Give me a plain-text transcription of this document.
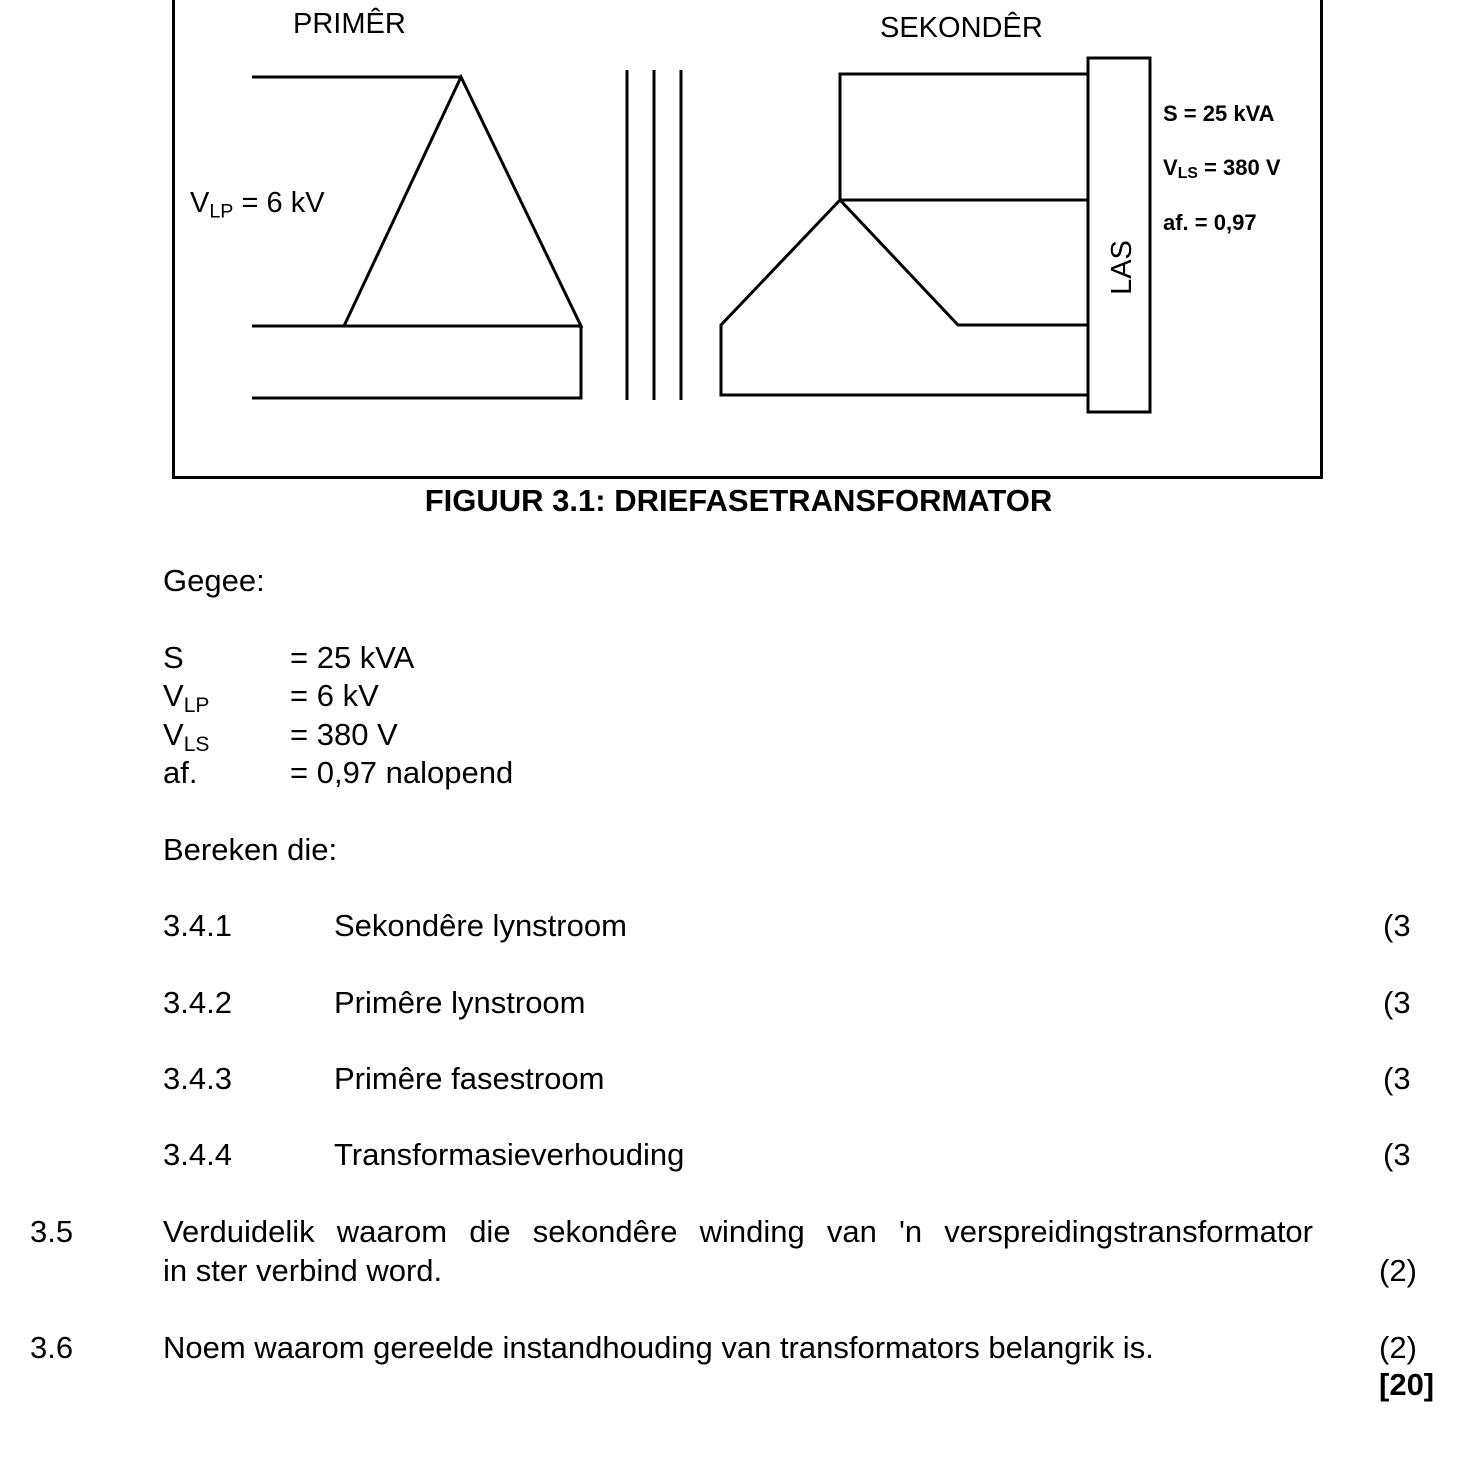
PRIMÊR	SEKONDÊR
$V_{LP} = 6$ kV
LAS
S = 25 kVA
$V_{LS} = 380$ V
af. = 0,97
FIGUUR 3.1: DRIEFASETRANSFORMATOR
Gegee:
S	= 25 kVA
$V_{LP}$	= 6 kV
$V_{LS}$	= 380 V
af.	= 0,97 nalopend
Bereken die:
3.4.1	Sekondêre lynstroom	(3
3.4.2	Primêre lynstroom	(3
3.4.3	Primêre fasestroom	(3
3.4.4	Transformasieverhouding	(3
3.5	Verduidelik waarom die sekondêre winding van 'n verspreidingstransformator
in ster verbind word.	(2)
3.6	Noem waarom gereelde instandhouding van transformators belangrik is.	(2)
[20]
